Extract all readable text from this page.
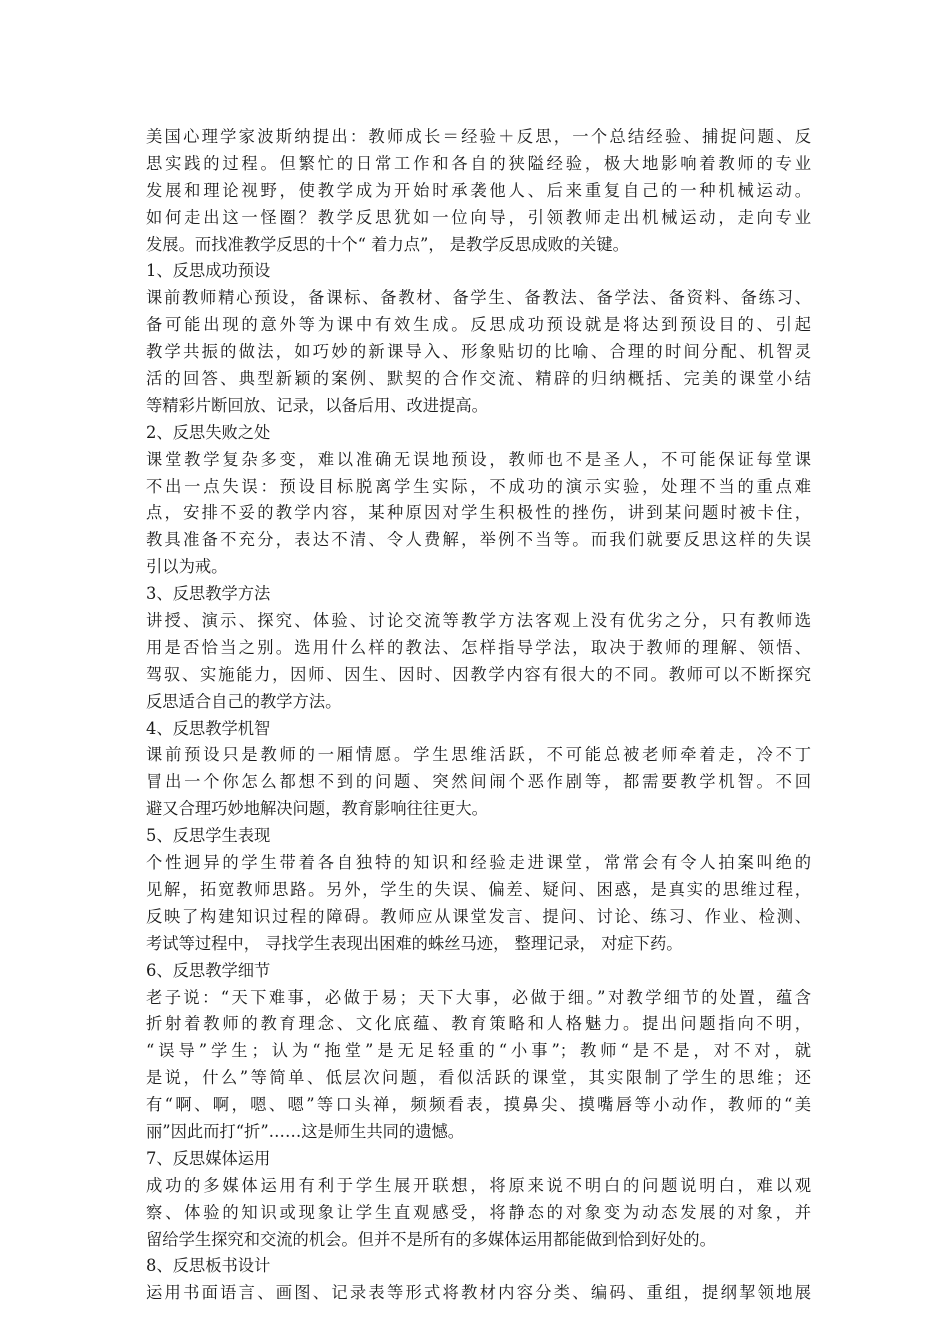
美国心理学家波斯纳提出：教师成长＝经验＋反思，一个总结经验、捕捉问题、反
思实践的过程。但繁忙的日常工作和各自的狭隘经验，极大地影响着教师的专业
发展和理论视野，使教学成为开始时承袭他人、后来重复自己的一种机械运动。
如何走出这一怪圈？教学反思犹如一位向导，引领教师走出机械运动，走向专业
发展。而找准教学反思的十个“ 着力点”， 是教学反思成败的关键。
1、反思成功预设
课前教师精心预设，备课标、备教材、备学生、备教法、备学法、备资料、备练习、
备可能出现的意外等为课中有效生成。反思成功预设就是将达到预设目的、引起
教学共振的做法，如巧妙的新课导入、形象贴切的比喻、合理的时间分配、机智灵
活的回答、典型新颖的案例、默契的合作交流、精辟的归纳概括、完美的课堂小结
等精彩片断回放、记录，以备后用、改进提高。
2、反思失败之处
课堂教学复杂多变，难以准确无误地预设，教师也不是圣人，不可能保证每堂课
不出一点失误：预设目标脱离学生实际，不成功的演示实验，处理不当的重点难
点，安排不妥的教学内容，某种原因对学生积极性的挫伤，讲到某问题时被卡住，
教具准备不充分，表达不清、令人费解，举例不当等。而我们就要反思这样的失误
引以为戒。
3、反思教学方法
讲授、演示、探究、体验、讨论交流等教学方法客观上没有优劣之分，只有教师选
用是否恰当之别。选用什么样的教法、怎样指导学法，取决于教师的理解、领悟、
驾驭、实施能力，因师、因生、因时、因教学内容有很大的不同。教师可以不断探究
反思适合自己的教学方法。
4、反思教学机智
课前预设只是教师的一厢情愿。学生思维活跃，不可能总被老师牵着走，冷不丁
冒出一个你怎么都想不到的问题、突然间闹个恶作剧等，都需要教学机智。不回
避又合理巧妙地解决问题，教育影响往往更大。
5、反思学生表现
个性迥异的学生带着各自独特的知识和经验走进课堂，常常会有令人拍案叫绝的
见解，拓宽教师思路。另外，学生的失误、偏差、疑问、困惑，是真实的思维过程，
反映了构建知识过程的障碍。教师应从课堂发言、提问、讨论、练习、作业、检测、
考试等过程中， 寻找学生表现出困难的蛛丝马迹， 整理记录， 对症下药。
6、反思教学细节
老子说：“天下难事，必做于易；天下大事，必做于细。”对教学细节的处置，蕴含
折射着教师的教育理念、文化底蕴、教育策略和人格魅力。提出问题指向不明，
“误导”学生；认为“拖堂”是无足轻重的“小事”；教师“是不是，对不对，就
是说，什么”等简单、低层次问题，看似活跃的课堂，其实限制了学生的思维；还
有“啊、啊，嗯、嗯”等口头禅，频频看表，摸鼻尖、摸嘴唇等小动作，教师的“美
丽”因此而打“折”……这是师生共同的遗憾。
7、反思媒体运用
成功的多媒体运用有利于学生展开联想，将原来说不明白的问题说明白，难以观
察、体验的知识或现象让学生直观感受，将静态的对象变为动态发展的对象，并
留给学生探究和交流的机会。但并不是所有的多媒体运用都能做到恰到好处的。
8、反思板书设计
运用书面语言、画图、记录表等形式将教材内容分类、编码、重组，提纲挈领地展
